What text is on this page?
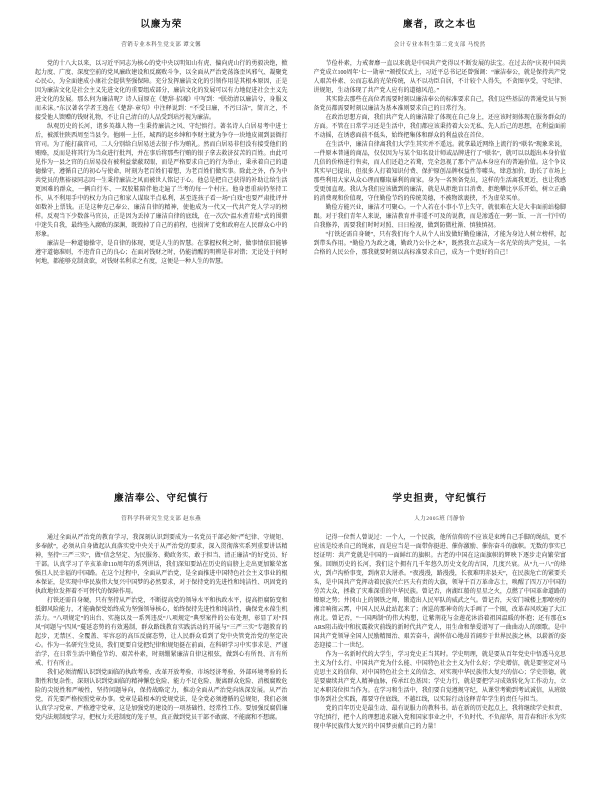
以廉为荣
营销专业本科生党支部 谭文馨

党的十八大以来，以习近平同志为核心的党中央以明知山有虎、偏向虎山行的勇毅决绝，掀起力度、广度、深度空前的党风廉政建设和反腐败斗争，以全面从严治党荡涤歪风邪气、凝聚党心民心，为全面建成小康社会提供坚强保障。充分发挥廉洁文化的引领作用是其根本原因，正是因为廉洁文化是社会主义先进文化的重要组成部分，廉洁文化的发展可以有力地促进社会主义先进文化的发展。那么何为廉洁呢？诗人屈原在《楚辞·招魂》中写到：“朕幼清以廉洁兮，身服义而未沫。”东汉著名学者王逸在《楚辞·章句》中注释说到：“不受曰廉，不污曰洁”，简言之，不接受他人馈赠的钱财礼物，不让自己清白的人品受到玷污视为廉洁。

纵观历史的长河，诸多英雄人物一生秉持廉洁之风、守纪慎行。著名诗人白居易考中进士后，被派往陕西周至当县令。他刚一上任，城西的赵乡绅和李财主就为争夺一块地皮闹到县衙打官司。为了能打赢官司，二人分别给白居易送去银子作为贿礼。然而白居易非但没有接受他们的贿赂，反而是将其行为当众进行批判，并在事后将那些行贿的银子拿去救济贫苦的百姓。由此可见作为一县之官的白居易没有被利益蒙蔽双眼，而是严格要求自己的行为举止，秉承着自己的道德操守，遵循自己的初心与使命，时刻为老百姓们着想，为老百姓们做实事。除此之外，作为中共党员的焦裕禄同志因一生秉持廉洁之风而被世人铭记于心。他总是把自己获得的补助让给生活更困难的群众，一辆自行车、一双胶鞋陪伴他走遍了兰考的每一个村庄。他身患重病仍坚持工作，从不利用手中的权力为自己和家人谋取半点私利，甚至连孩子看一场“白戏”也要严肃批评并如数补上票钱。正是这种克己奉公、廉洁自律的精神，使他成为一代又一代共产党人学习的榜样。反观当下少数落马官员，正是因为丢掉了廉洁自律的底线，在一次次“温水煮青蛙”式的围猎中迷失自我，最终坠入腐败的深渊，既毁掉了自己的前程，也损害了党和政府在人民群众心中的形象。

廉洁是一种道德操守，是自律的体现，更是人生的智慧。在掌握权利之时，做事情依旧能够遵守道德准则，不违背自己的良心；在面对钱财之时，仍能清醒的明辨是非对错；无论处于何时何地，都能够克制贪欲，对钱财名利求之有度，这便是一种人生的智慧。

廉者，政之本也
会计专业本科生第二党支部 马悦然

节俭朴素，力戒奢靡一直以来就是中国共产党得以不断发展的法宝。在过去的“庆祝中国共产党成立100周年‘七一勋章’”颁授仪式上，习近平总书记还曾强调：“廉洁奉公，就是保持共产党人艰苦朴素、公而忘私的光荣传统，从不以功臣自居，不计较个人得失，不贪图享受，守纪律、讲规矩，生动体现了共产党人应有的道德风范。”

其实除去那些在高位者需要时刻以廉洁奉公的标准要求自己，我们这些基层的普通党员与预备党员都需要时刻以廉洁为基本准则要求自己的日常行为。

在政治思想方面，我们共产党人的廉洁除了体现在自己身上，还应该时刻体现在服务群众的方面。不管在日常学习还是生活中，我们都应该秉持着大公无私、先人后己的思想，在利益面前不动摇，在诱惑面前不低头，始终把集体和群众的利益放在首位。

在生活中，廉洁自律离我们大学生其实并不遥远。就拿最近网络上流行的“联名”现象来说，一件原本普通的商品，仅仅因为与某个知名设计师或品牌进行了“联名”，就可以以超出本身价值几倍的价格进行售卖，而人们还趋之若鹜，完全忽视了那个产品本身应有的普遍价值。这个争议其实早已提出，但很多人打着知识付费、保护原创品牌权益性等噱头，肆意加价，助长了市场上那些利用大家从众心理而赚取暴利的商家。身为一名预备党员，这样的生活离我更近，也让我感受更加直观。我认为我们应该做到的廉洁，就是从拒绝盲目消费、拒绝攀比享乐开始，树立正确的消费观和价值观，守住勤俭节约的传统美德，不被物欲裹挟，不为虚荣买单。

勤俭方能兴业，廉洁才可聚心。一个人若在小事小节上失守，就很难在大是大非面前站稳脚跟。对于我们青年人来说，廉洁教育并非遥不可及的说教，而是渗透在一粥一饭、一言一行中的自我修养，需要我们时时对照、日日检视，做到防微杜渐、慎独慎初。

“打铁还需自身硬”，只有我们每个人从个人出发做好勤俭廉洁，才能为身边人树立榜样，起到带头作用。“勤俭乃为政之魂，勤政乃公仆之本”，既然我立志成为一名光荣的共产党员，一名合格的人民公仆，那我就要时刻以高标准要求自己，成为一个更好的自己！

廉洁奉公、守纪慎行
管科学科研究生党支部 赵东燕

通过全面从严治党的教育学习，我深刻认识到要成为一名党员干部必须“严纪律、守规矩、多奉献”，必须从自身做起认真落实党中央关于从严治党的要求，深入贯彻落实系列重要讲话精神，坚持“三严三实”，做“信念坚定、为民服务、勤政务实、敢于担当、清正廉洁”的好党员、好干部。认真学习了辛亥革命110周年的系列讲话，我们深知要站在历史的肩膀上走出更加繁荣富强且人民幸福的中国路。在这个过程中，全面从严治党，是全面推进中国特色社会主义事业的根本保证，是实现中华民族伟大复兴中国梦的必然要求，对于保持党的先进性和纯洁性、巩固党的执政地位发挥着不可替代的保障作用。

打铁还需自身硬，只有坚持从严治党，不断提高党的领导水平和执政水平，提高拒腐防变和抵御风险能力，才能确保党始终成为坚强领导核心，始终保持先进性和纯洁性，确保党永葆生机活力。“八项规定”的出台、实施以及一系列违反“八项规定”典型案件的公布处理，彰显了对“四风”问题与“四风”蔓延态势的有效遏制，群众路线教育实践活动的开展与“三严三实”专题教育的起步，无禁区、全覆盖、零容忍的高压反腐态势，让人民群众看到了党中央管党治党的坚定决心。作为一名研究生党员，我们更要自觉把纪律和规矩挺在前面，在科研学习中实事求是、严谨治学，在日常生活中勤俭节约、艰苦朴素，时刻绷紧廉洁自律这根弦，做到心有所畏、言有所戒、行有所止。

我们必须清醒认识到党面临的执政考验、改革开放考验、市场经济考验、外部环境考验的长期性和复杂性，深刻认识到党面临的精神懈怠危险、能力不足危险、脱离群众危险、消极腐败危险的尖锐性和严峻性，坚持问题导向，保持战略定力，推动全面从严治党向纵深发展。从严治党，首先要严格按照党章办事。党章是最根本的党规党法，是全党必须遵循的总规矩，我们必须认真学习党章、严格遵守党章，这是加强党的建设的一项基础性、经常性工作。要加强反腐倡廉党内法规制度学习，把权力关进制度的笼子里，真正做到党员干部不敢腐、不能腐和不想腐。

学史担责，守纪慎行
人力2005班 闫静怡

记得一位哲人曾说过：一个人，一个民族，他所信仰的不应该是束缚自己手脚的绳结，更不应该是绞杀自己的绳索，而是应当是一面带你挺进、催你激励、催你奋斗的旗帜。无数的事实已经证明：共产党就是中国的一面鲜红的旗帜。古老的中国在这面旗帜的辉映下逐步走向繁荣富强。回顾历史的长河，我们这个拥有几千年悠久历史文化的古国，几度兴衰。从“九一八”的烽火，到卢沟桥事变，到南京大屠杀。“夜漫漫，路漫漫，长夜难明赤县天”，在民族危亡的紧要关头，是中国共产党挥动着民族兴亡匹夫有责的大旗，领导千百万革命志士，唤醒了四万万中国的劳苦大众，拯救了灾难深重的中华民族。曾记否，南湖红船的星星之火，点燃了中国革命道路的燎原之势；井冈山上的钢铁之师，锻造出人民军队的威武之气。曾记否，天安门城楼上那嘹亮的湘音响彻云霄，中国人民从此站起来了；南巡的那神奇的大手画了一个圈，改革春风吹遍了大江南北。曾记否，“一国两制”的伟大构想，让紫荆花与金莲花沐浴着祖国温暖的怀抱；还有那在SARS阻击战中和抗震救灾前线的新时代共产党人，用生命和挚爱谱写了一曲曲动人的颂歌。是中国共产党领导全国人民励精图治、艰苦奋斗，满怀信心地昂首阔步于世界民族之林，以崭新的姿态迎接二十一世纪。

作为一名新时代的大学生，学习党史正当其时。学史明理，就是要从百年党史中悟透马克思主义为什么行、中国共产党为什么能、中国特色社会主义为什么好；学史增信，就是要坚定对马克思主义的信仰、对中国特色社会主义的信念、对实现中华民族伟大复兴的信心；学史崇德，就是要赓续共产党人精神血脉，传承红色基因；学史力行，就是要把学习成效转化为工作动力，立足本职岗位担当作为。在学习和生活中，我们要自觉遵规守纪，从课堂考勤到考试诚信，从班级事务到社会实践，都要守住底线、不越红线，以实际行动诠释青年学生的责任与担当。

党的百年历史是最生动、最有说服力的教科书。站在新的历史起点上，我将继续学史担责、守纪慎行，把个人的理想追求融入党和国家事业之中，不负时代、不负韶华，用青春和汗水为实现中华民族伟大复兴的中国梦贡献自己的力量！
